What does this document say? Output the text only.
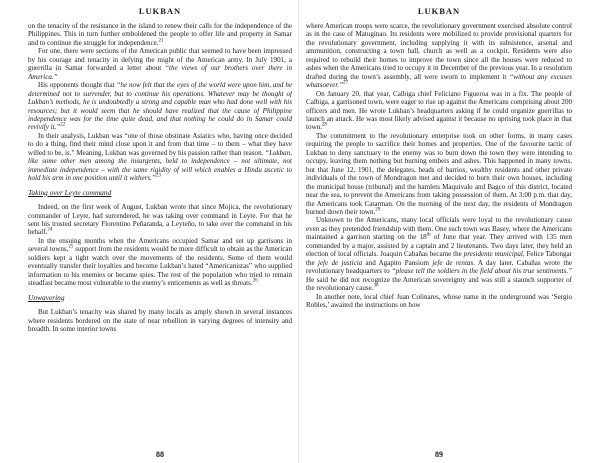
LUKBAN

on the tenacity of the resistance in the island to renew their calls for the independence of the Philippines. This in turn further emboldened the people to offer life and property in Samar and to continue the struggle for independence.$^{21}$

For one, there were sections of the American public that seemed to have been impressed by his courage and tenacity in defying the might of the American army. In July 1901, a guerrilla in Samar forwarded a letter about “the views of our brothers over there in America.”

His opponents thought that “he now felt that the eyes of the world were upon him, and he determined not to surrender, but to continue his operations. Whatever may be thought of Lukban’s methods, he is undoubtedly a strong and capable man who had done well with his resources; but it would seem that he should have realized that the cause of Philippine independence was for the time quite dead, and that nothing he could do in Samar could revivify it.”$^{22}$

In their analysis, Lukban was “one of those obstinate Asiatics who, having once decided to do a thing, find their mind close upon it and from that time – to them – what they have willed to be, is.” Meaning, Lukban was governed by his passion rather than reason. “Lukban, like some other men among the insurgents, held to independence – not ultimate, not immediate independence – with the same rigidity of will which enables a Hindu ascetic to hold his arm in one position until it withers.”$^{23}$

Taking over Leyte command

Indeed, on the first week of August, Lukban wrote that since Mojica, the revolutionary commander of Leyte, had surrendered, he was taking over command in Leyte. For that he sent his trusted secretary Florentino Peñaranda, a Leyteño, to take over the command in his behalf.$^{24}$

In the ensuing months when the Americans occupied Samar and set up garrisons in several towns,$^{25}$ support from the residents would be more difficult to obtain as the American soldiers kept a tight watch over the movements of the residents. Some of them would eventually transfer their loyalties and become Lukban’s hated “Americanistas” who supplied information to his enemies or became spies. The rest of the population who tried to remain steadfast became most vulnerable to the enemy’s enticements as well as threats.$^{26}$

Unwavering

But Lukban’s tenacity was shared by many locals as amply shown in several instances where residents bordered on the state of near rebellion in varying degrees of intensity and breadth. In some interior towns

88
LUKBAN

where American troops were scarce, the revolutionary government exercised absolute control as in the case of Matuginao. Its residents were mobilized to provide provisional quarters for the revolutionary government, including supplying it with its subsistence, arsenal and ammunition, constructing a town hall, church as well as a cockpit. Residents were also required to rebuild their homes to improve the town since all the houses were reduced to ashes when the Americans tried to occupy it in December of the previous year. In a resolution drafted during the town’s assembly, all were sworn to implement it “without any excuses whatsoever.”$^{27}$

On January 20, that year, Calbiga chief Feliciano Figueroa was in a fix. The people of Calbiga, a garrisoned town, were eager to rise up against the Americans comprising about 200 officers and men. He wrote Lukban’s headquarters asking if he could organize guerrillas to launch an attack. He was most likely advised against it because no uprising took place in that town.$^{28}$

The commitment to the revolutionary enterprise took on other forms, in many cases requiring the people to sacrifice their homes and properties. One of the favourite tactic of Lukban to deny sanctuary to the enemy was to burn down the town they were intending to occupy, leaving them nothing but burning embers and ashes. This happened in many towns, but that June 12, 1901, the delegates, heads of barrios, wealthy residents and other private individuals of the town of Mondragon met and decided to burn their own houses, including the municipal house (tribunal) and the hamlets Maquivalo and Bagco of this district, located near the sea, to prevent the Americans from taking possession of them. At 3:00 p.m. that day, the Americans took Catarman. On the morning of the next day, the residents of Mondragon burned down their town.$^{29}$

Unknown to the Americans, many local officials were loyal to the revolutionary cause even as they pretended friendship with them. One such town was Basey, where the Americans maintained a garrison starting on the 18th of June that year. They arrived with 135 men commanded by a major, assisted by a captain and 2 lieutenants. Two days later, they held an election of local officials. Joaquin Cabañas became the presidente municipal, Felice Tabongar the jefe de justicia and Agapito Pansiom jefe de rentas. A day later, Cabañas wrote the revolutionary headquarters to “please tell the soldiers in the field about his true sentiments.” He said he did not recognize the American sovereignty and was still a staunch supporter of the revolutionary cause.$^{30}$

In another note, local chief Juan Colinares, whose name in the underground was ‘Sergio Robles,’ awaited the instructions on how

89
